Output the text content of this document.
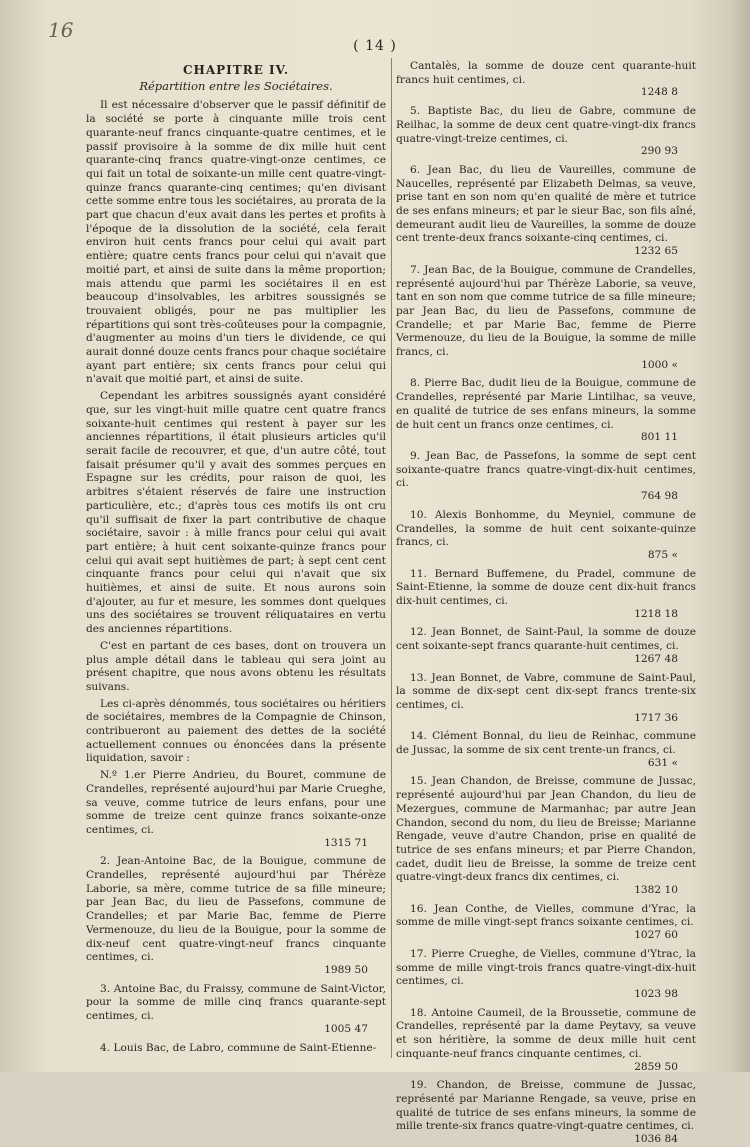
16
( 14 )
CHAPITRE IV.
Répartition entre les Sociétaires.

Il est nécessaire d'observer que le passif définitif de la société se porte à cinquante mille trois cent quarante-neuf francs cinquante-quatre centimes, et le passif provisoire à la somme de dix mille huit cent quarante-cinq francs quatre-vingt-onze centimes, ce qui fait un total de soixante-un mille cent quatre-vingt-quinze francs quarante-cinq centimes; qu'en divisant cette somme entre tous les sociétaires, au prorata de la part que chacun d'eux avait dans les pertes et profits à l'époque de la dissolution de la société, cela ferait environ huit cents francs pour celui qui avait part entière; quatre cents francs pour celui qui n'avait que moitié part, et ainsi de suite dans la même proportion; mais attendu que parmi les sociétaires il en est beaucoup d'insolvables, les arbitres soussignés se trouvaient obligés, pour ne pas multiplier les répartitions qui sont très-coûteuses pour la compagnie, d'augmenter au moins d'un tiers le dividende, ce qui aurait donné douze cents francs pour chaque sociétaire ayant part entière; six cents francs pour celui qui n'avait que moitié part, et ainsi de suite.

Cependant les arbitres soussignés ayant considéré que, sur les vingt-huit mille quatre cent quatre francs soixante-huit centimes qui restent à payer sur les anciennes répartitions, il était plusieurs articles qu'il serait facile de recouvrer, et que, d'un autre côté, tout faisait présumer qu'il y avait des sommes perçues en Espagne sur les crédits, pour raison de quoi, les arbitres s'étaient réservés de faire une instruction particulière, etc.; d'après tous ces motifs ils ont cru qu'il suffisait de fixer la part contributive de chaque sociétaire, savoir : à mille francs pour celui qui avait part entière; à huit cent soixante-quinze francs pour celui qui avait sept huitièmes de part; à sept cent cent cinquante francs pour celui qui n'avait que six huitièmes, et ainsi de suite. Et nous aurons soin d'ajouter, au fur et mesure, les sommes dont quelques uns des sociétaires se trouvent réliquataires en vertu des anciennes répartitions.

C'est en partant de ces bases, dont on trouvera un plus ample détail dans le tableau qui sera joint au présent chapitre, que nous avons obtenu les résultats suivans.

Les ci-après dénommés, tous sociétaires ou héritiers de sociétaires, membres de la Compagnie de Chinson, contribueront au paiement des dettes de la société actuellement connues ou énoncées dans la présente liquidation, savoir :

N.º 1.er Pierre Andrieu, du Bouret, commune de Crandelles, représenté aujourd'hui par Marie Crueghe, sa veuve, comme tutrice de leurs enfans, pour une somme de treize cent quinze francs soixante-onze centimes, ci.
1315 71
2. Jean-Antoine Bac, de la Bouigue, commune de Crandelles, représenté aujourd'hui par Thérèze Laborie, sa mère, comme tutrice de sa fille mineure; par Jean Bac, du lieu de Passefons, commune de Crandelles; et par Marie Bac, femme de Pierre Vermenouze, du lieu de la Bouigue, pour la somme de dix-neuf cent quatre-vingt-neuf francs cinquante centimes, ci.
1989 50
3. Antoine Bac, du Fraissy, commune de Saint-Victor, pour la somme de mille cinq francs quarante-sept centimes, ci.
1005 47
4. Louis Bac, de Labro, commune de Saint-Etienne-
Cantalès, la somme de douze cent quarante-huit francs huit centimes, ci.
1248 8
5. Baptiste Bac, du lieu de Gabre, commune de Reilhac, la somme de deux cent quatre-vingt-dix francs quatre-vingt-treize centimes, ci.
290 93
6. Jean Bac, du lieu de Vaureilles, commune de Naucelles, représenté par Elizabeth Delmas, sa veuve, prise tant en son nom qu'en qualité de mère et tutrice de ses enfans mineurs; et par le sieur Bac, son fils aîné, demeurant audit lieu de Vaureilles, la somme de douze cent trente-deux francs soixante-cinq centimes, ci.
1232 65
7. Jean Bac, de la Bouigue, commune de Crandelles, représenté aujourd'hui par Thérèze Laborie, sa veuve, tant en son nom que comme tutrice de sa fille mineure; par Jean Bac, du lieu de Passefons, commune de Crandelle; et par Marie Bac, femme de Pierre Vermenouze, du lieu de la Bouigue, la somme de mille francs, ci.
1000 «
8. Pierre Bac, dudit lieu de la Bouigue, commune de Crandelles, représenté par Marie Lintilhac, sa veuve, en qualité de tutrice de ses enfans mineurs, la somme de huit cent un francs onze centimes, ci.
801 11
9. Jean Bac, de Passefons, la somme de sept cent soixante-quatre francs quatre-vingt-dix-huit centimes, ci.
764 98
10. Alexis Bonhomme, du Meyniel, commune de Crandelles, la somme de huit cent soixante-quinze francs, ci.
875 «
11. Bernard Buffemene, du Pradel, commune de Saint-Etienne, la somme de douze cent dix-huit francs dix-huit centimes, ci.
1218 18
12. Jean Bonnet, de Saint-Paul, la somme de douze cent soixante-sept francs quarante-huit centimes, ci.
1267 48
13. Jean Bonnet, de Vabre, commune de Saint-Paul, la somme de dix-sept cent dix-sept francs trente-six centimes, ci.
1717 36
14. Clément Bonnal, du lieu de Reinhac, commune de Jussac, la somme de six cent trente-un francs, ci.
631 «
15. Jean Chandon, de Breisse, commune de Jussac, représenté aujourd'hui par Jean Chandon, du lieu de Mezergues, commune de Marmanhac; par autre Jean Chandon, second du nom, du lieu de Breisse; Marianne Rengade, veuve d'autre Chandon, prise en qualité de tutrice de ses enfans mineurs; et par Pierre Chandon, cadet, dudit lieu de Breisse, la somme de treize cent quatre-vingt-deux francs dix centimes, ci.
1382 10
16. Jean Conthe, de Vielles, commune d'Yrac, la somme de mille vingt-sept francs soixante centimes, ci.
1027 60
17. Pierre Crueghe, de Vielles, commune d'Ytrac, la somme de mille vingt-trois francs quatre-vingt-dix-huit centimes, ci.
1023 98
18. Antoine Caumeil, de la Broussetie, commune de Crandelles, représenté par la dame Peytavy, sa veuve et son héritière, la somme de deux mille huit cent cinquante-neuf francs cinquante centimes, ci.
2859 50
19. Chandon, de Breisse, commune de Jussac, représenté par Marianne Rengade, sa veuve, prise en qualité de tutrice de ses enfans mineurs, la somme de mille trente-six francs quatre-vingt-quatre centimes, ci.
1036 84
